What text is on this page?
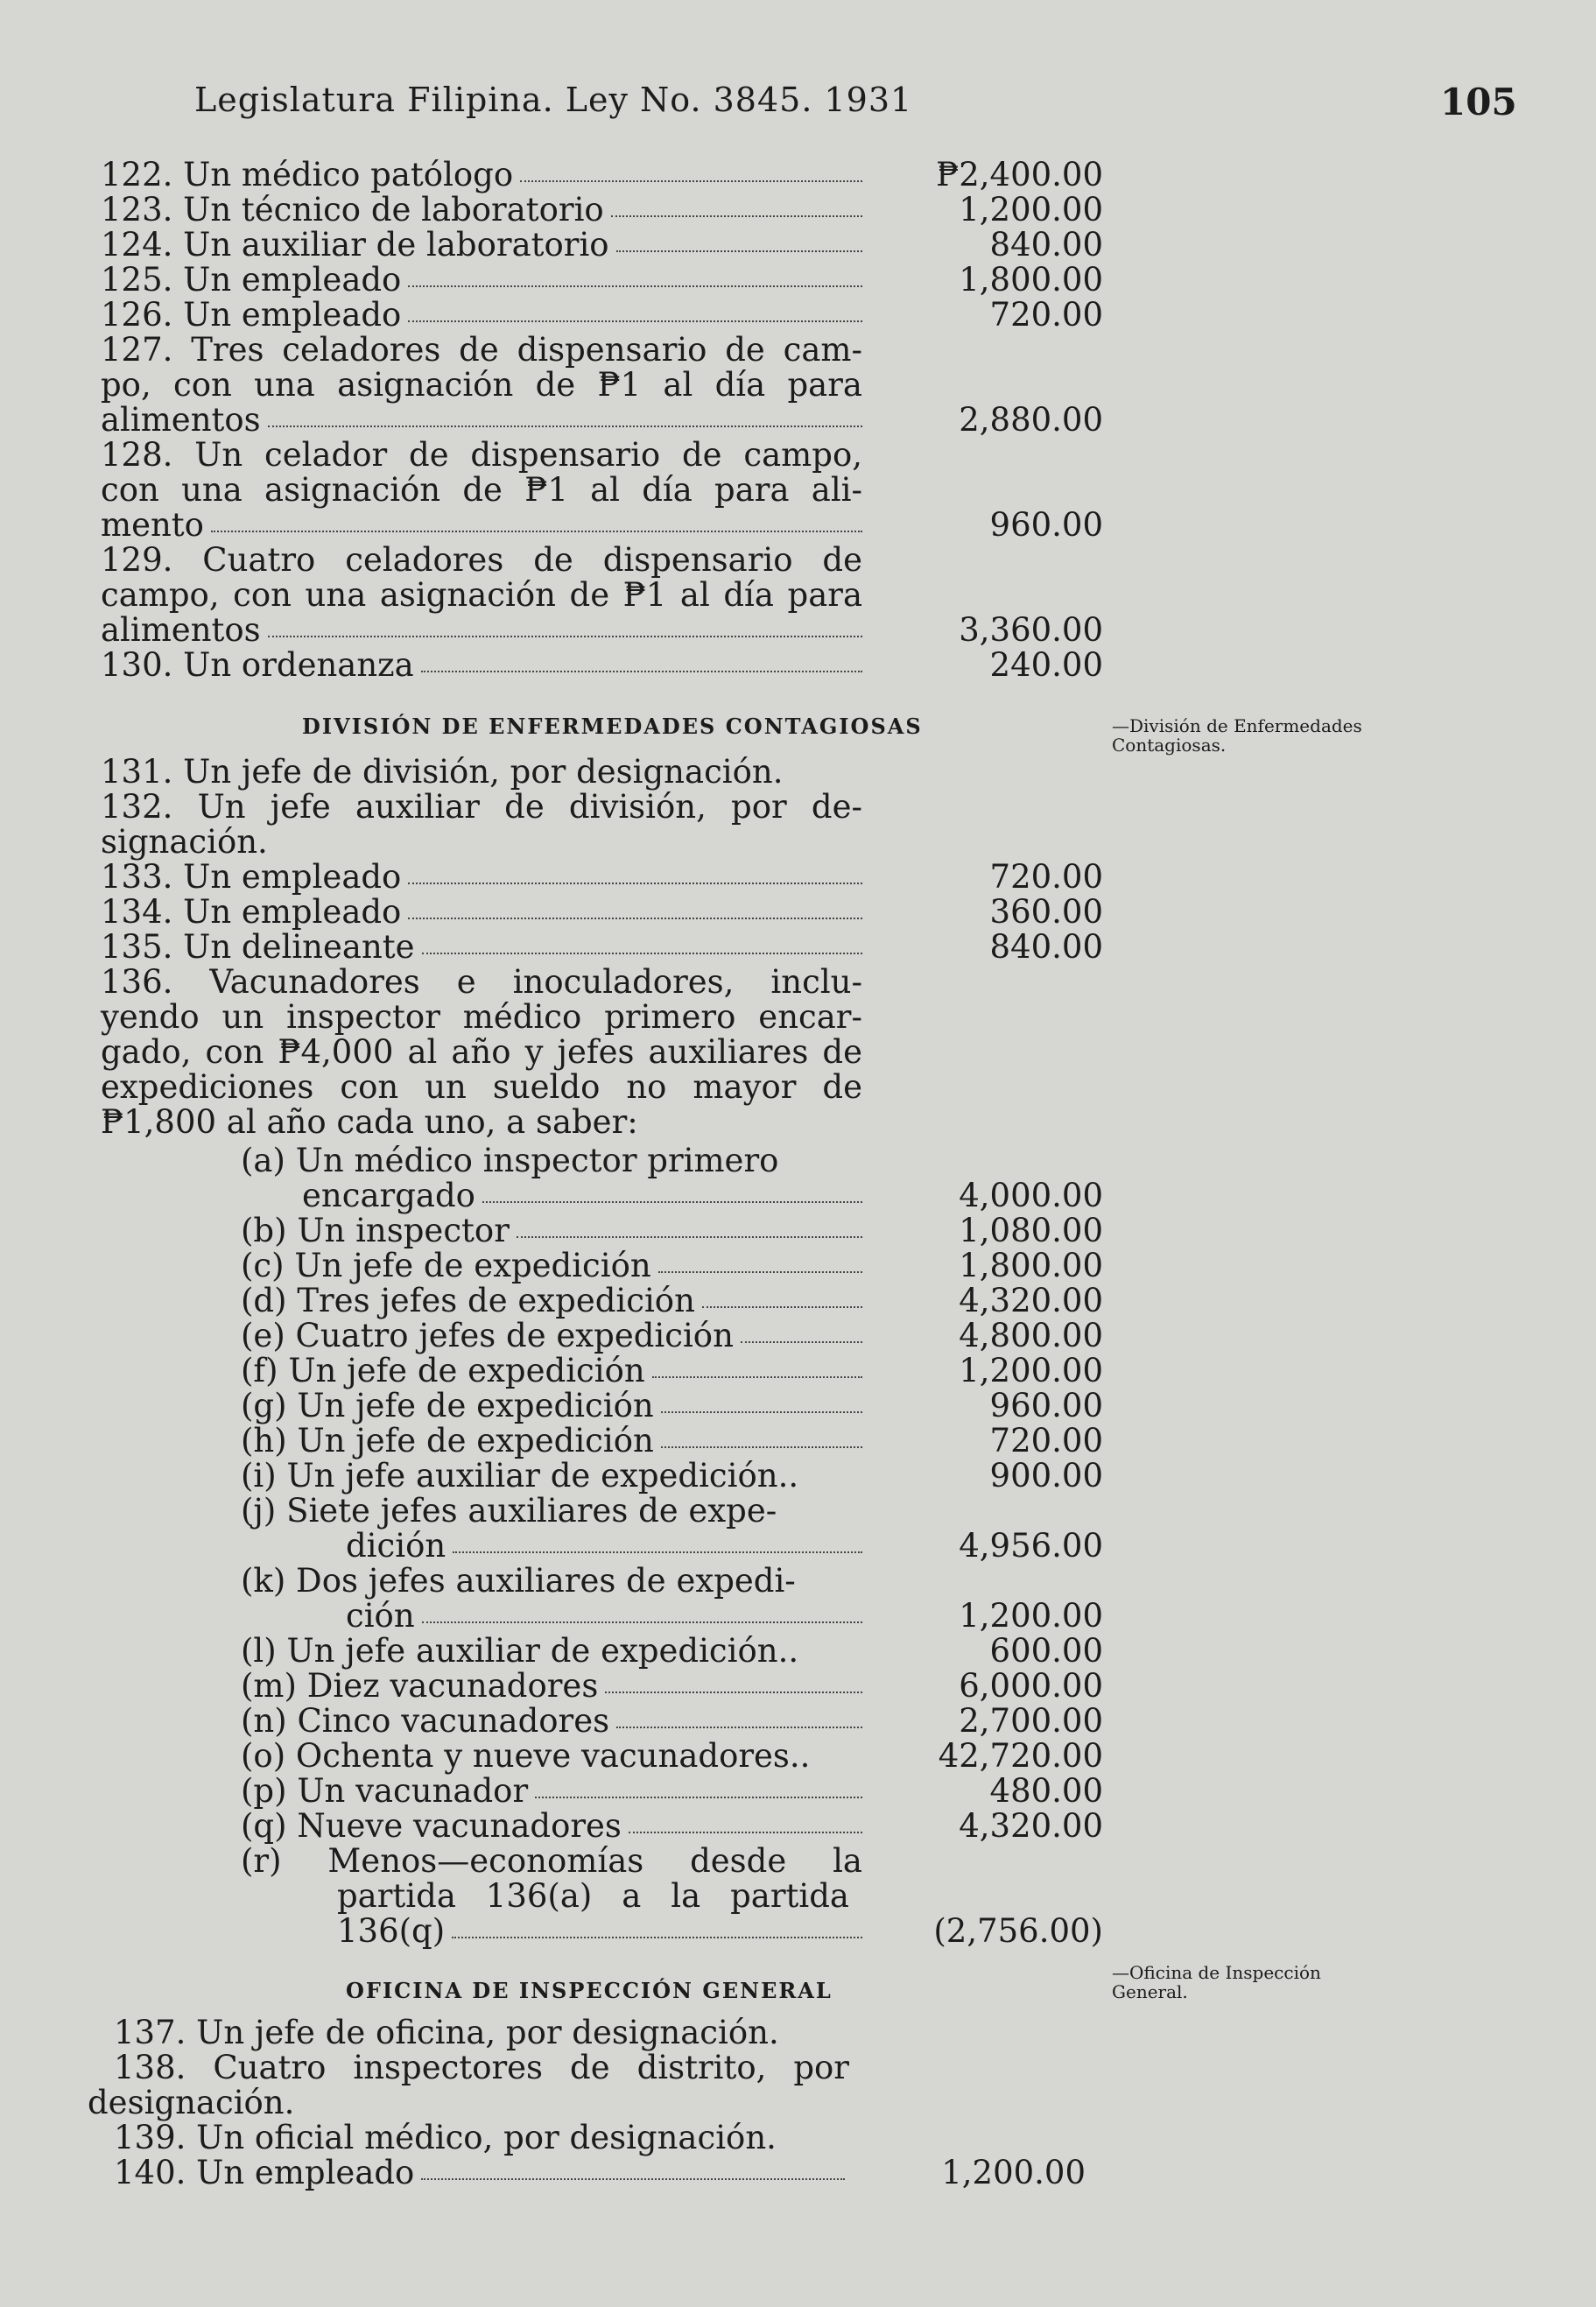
Legislatura Filipina. Ley No. 3845. 1931	105
122. Un médico patólogo	₱2,400.00
123. Un técnico de laboratorio	1,200.00
124. Un auxiliar de laboratorio	840.00
125. Un empleado	1,800.00
126. Un empleado	720.00
127. Tres celadores de dispensario de cam-
po, con una asignación de ₱1 al día para
alimentos	2,880.00
128. Un celador de dispensario de campo,
con una asignación de ₱1 al día para ali-
mento	960.00
129. Cuatro celadores de dispensario de
campo, con una asignación de ₱1 al día para
alimentos	3,360.00
130. Un ordenanza	240.00
DIVISIÓN DE ENFERMEDADES CONTAGIOSAS	—División de Enfermedades Contagiosas.
131. Un jefe de división, por designación.
132. Un jefe auxiliar de división, por de-
signación.
133. Un empleado	720.00
134. Un empleado	360.00
135. Un delineante	840.00
136. Vacunadores e inoculadores, inclu-
yendo un inspector médico primero encar-
gado, con ₱4,000 al año y jefes auxiliares de
expediciones con un sueldo no mayor de
₱1,800 al año cada uno, a saber:
(a) Un médico inspector primero
encargado	4,000.00
(b) Un inspector	1,080.00
(c) Un jefe de expedición	1,800.00
(d) Tres jefes de expedición	4,320.00
(e) Cuatro jefes de expedición	4,800.00
(f) Un jefe de expedición	1,200.00
(g) Un jefe de expedición	960.00
(h) Un jefe de expedición	720.00
(i) Un jefe auxiliar de expedición..	900.00
(j) Siete jefes auxiliares de expe-
dición	4,956.00
(k) Dos jefes auxiliares de expedi-
ción	1,200.00
(l) Un jefe auxiliar de expedición..	600.00
(m) Diez vacunadores	6,000.00
(n) Cinco vacunadores	2,700.00
(o) Ochenta y nueve vacunadores..	42,720.00
(p) Un vacunador	480.00
(q) Nueve vacunadores	4,320.00
(r) Menos—economías desde la
partida 136(a) a la partida
136(q)	(2,756.00)
OFICINA DE INSPECCIÓN GENERAL
—Oficina de Inspección General.
137. Un jefe de oficina, por designación.
138. Cuatro inspectores de distrito, por
designación.
139. Un oficial médico, por designación.
140. Un empleado	1,200.00
